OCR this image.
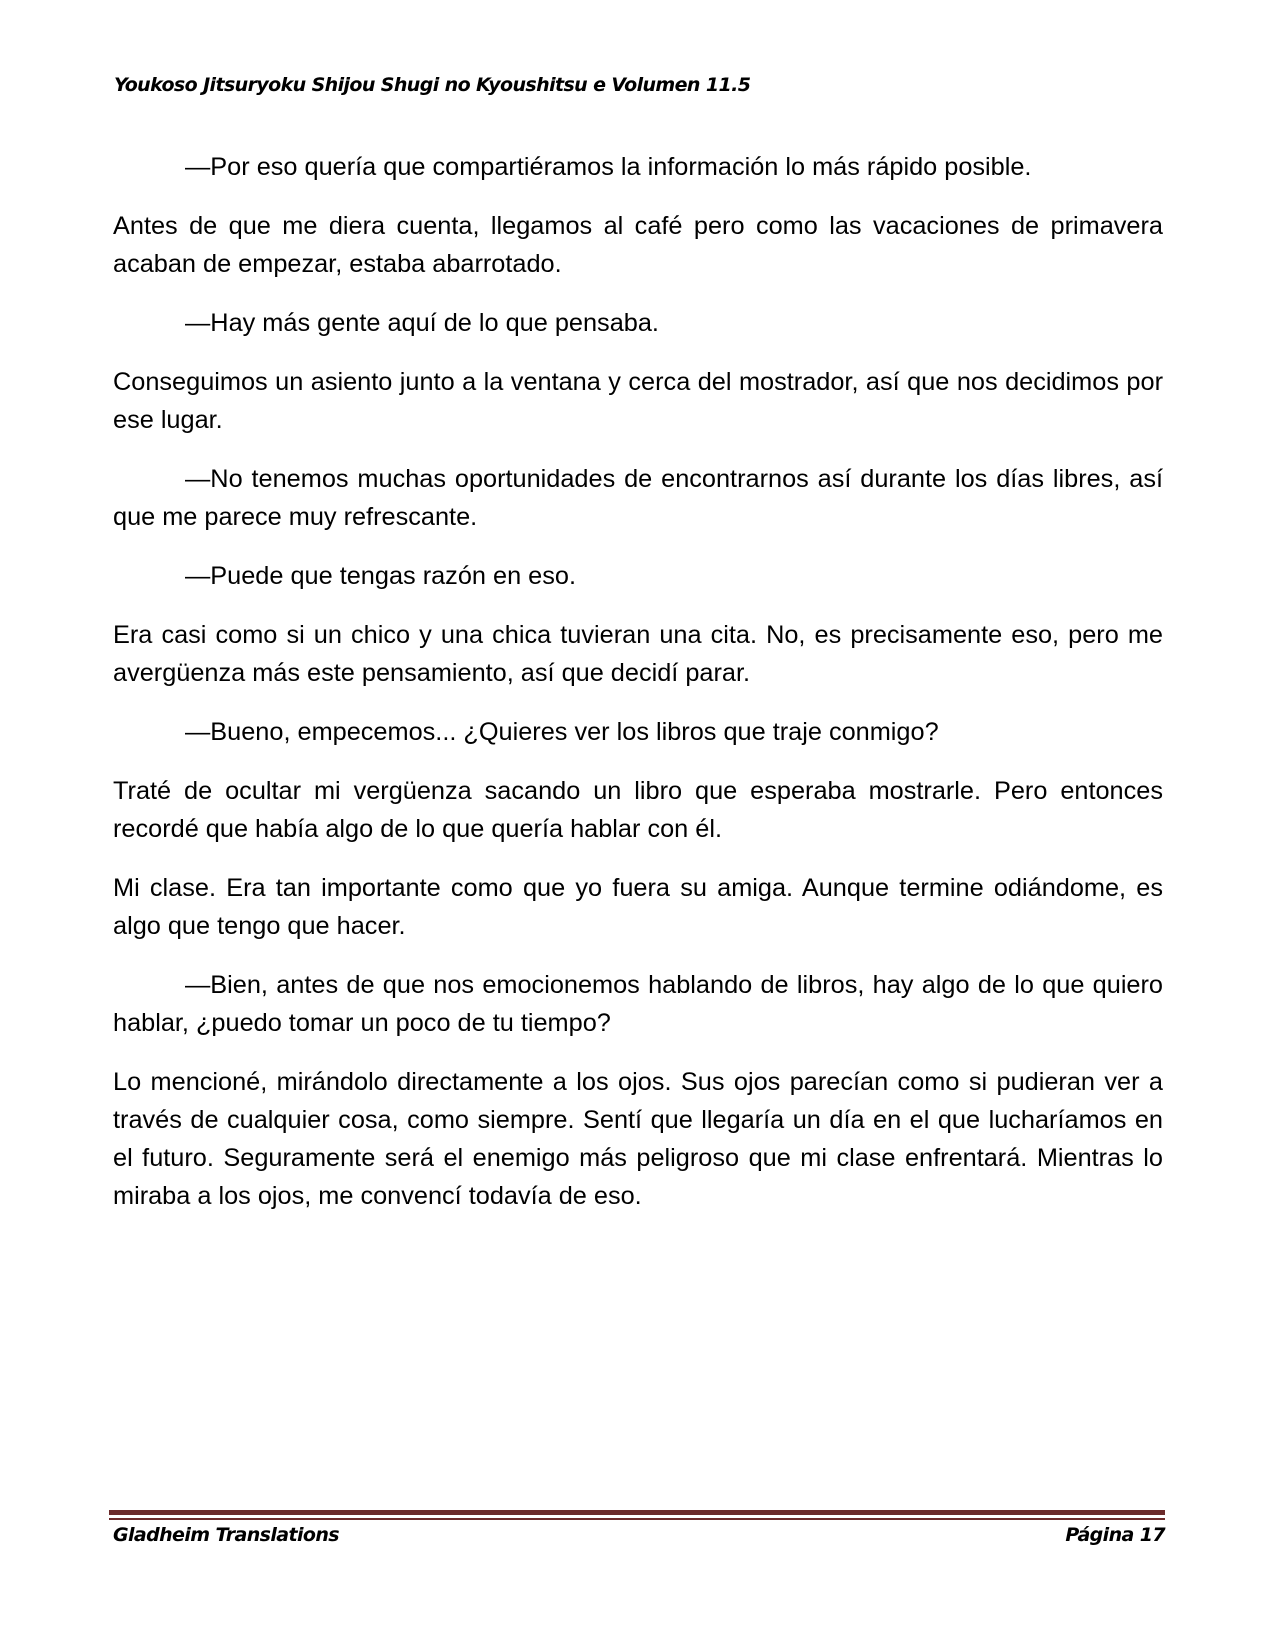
Youkoso Jitsuryoku Shijou Shugi no Kyoushitsu e Volumen 11.5

—Por eso quería que compartiéramos la información lo más rápido posible.

Antes de que me diera cuenta, llegamos al café pero como las vacaciones de primavera acaban de empezar, estaba abarrotado.

—Hay más gente aquí de lo que pensaba.

Conseguimos un asiento junto a la ventana y cerca del mostrador, así que nos decidimos por ese lugar.

—No tenemos muchas oportunidades de encontrarnos así durante los días libres, así que me parece muy refrescante.

—Puede que tengas razón en eso.

Era casi como si un chico y una chica tuvieran una cita. No, es precisamente eso, pero me avergüenza más este pensamiento, así que decidí parar.

—Bueno, empecemos... ¿Quieres ver los libros que traje conmigo?

Traté de ocultar mi vergüenza sacando un libro que esperaba mostrarle. Pero entonces recordé que había algo de lo que quería hablar con él.

Mi clase. Era tan importante como que yo fuera su amiga. Aunque termine odiándome, es algo que tengo que hacer.

—Bien, antes de que nos emocionemos hablando de libros, hay algo de lo que quiero hablar, ¿puedo tomar un poco de tu tiempo?

Lo mencioné, mirándolo directamente a los ojos. Sus ojos parecían como si pudieran ver a través de cualquier cosa, como siempre. Sentí que llegaría un día en el que lucharíamos en el futuro. Seguramente será el enemigo más peligroso que mi clase enfrentará. Mientras lo miraba a los ojos, me convencí todavía de eso.

Gladheim Translations	Página 17
